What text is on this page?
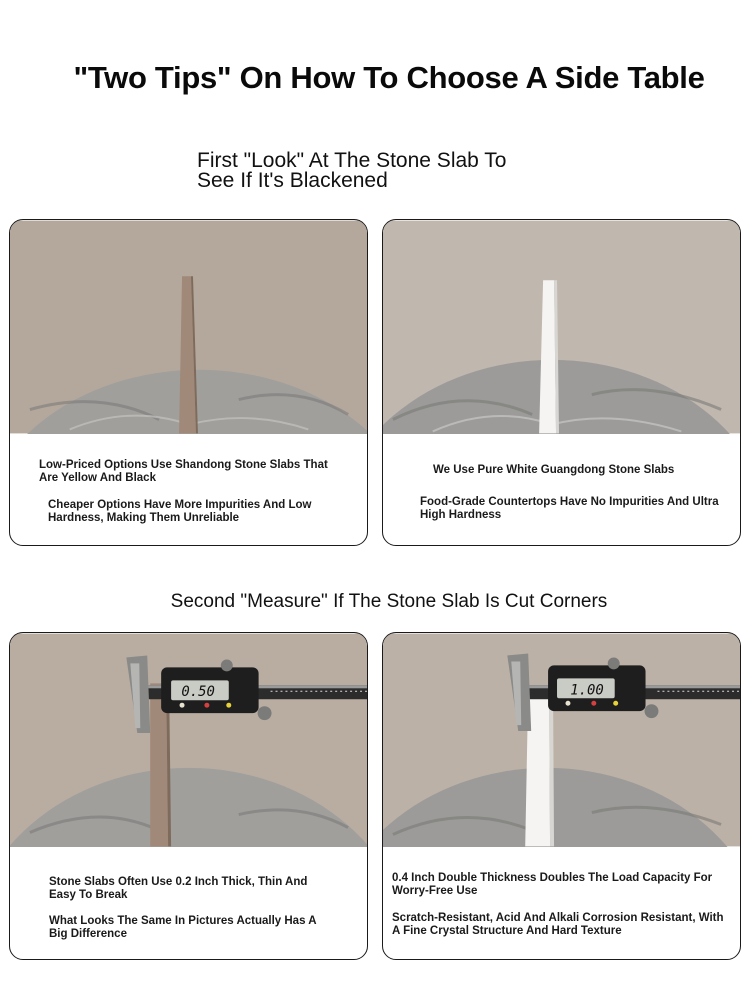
"Two Tips" On How To Choose A Side Table
First "Look" At The Stone Slab To
See If It's Blackened
Low-Priced Options Use Shandong Stone Slabs That Are Yellow And Black
Cheaper Options Have More Impurities And Low Hardness, Making Them Unreliable
We Use Pure White Guangdong Stone Slabs
Food-Grade Countertops Have No Impurities And Ultra High Hardness
Second "Measure" If The Stone Slab Is Cut Corners
0.50
Stone Slabs Often Use 0.2 Inch Thick, Thin And Easy To Break
What Looks The Same In Pictures Actually Has A Big Difference
1.00
0.4 Inch Double Thickness Doubles The Load Capacity For Worry-Free Use
Scratch-Resistant, Acid And Alkali Corrosion Resistant, With A Fine Crystal Structure And Hard Texture
